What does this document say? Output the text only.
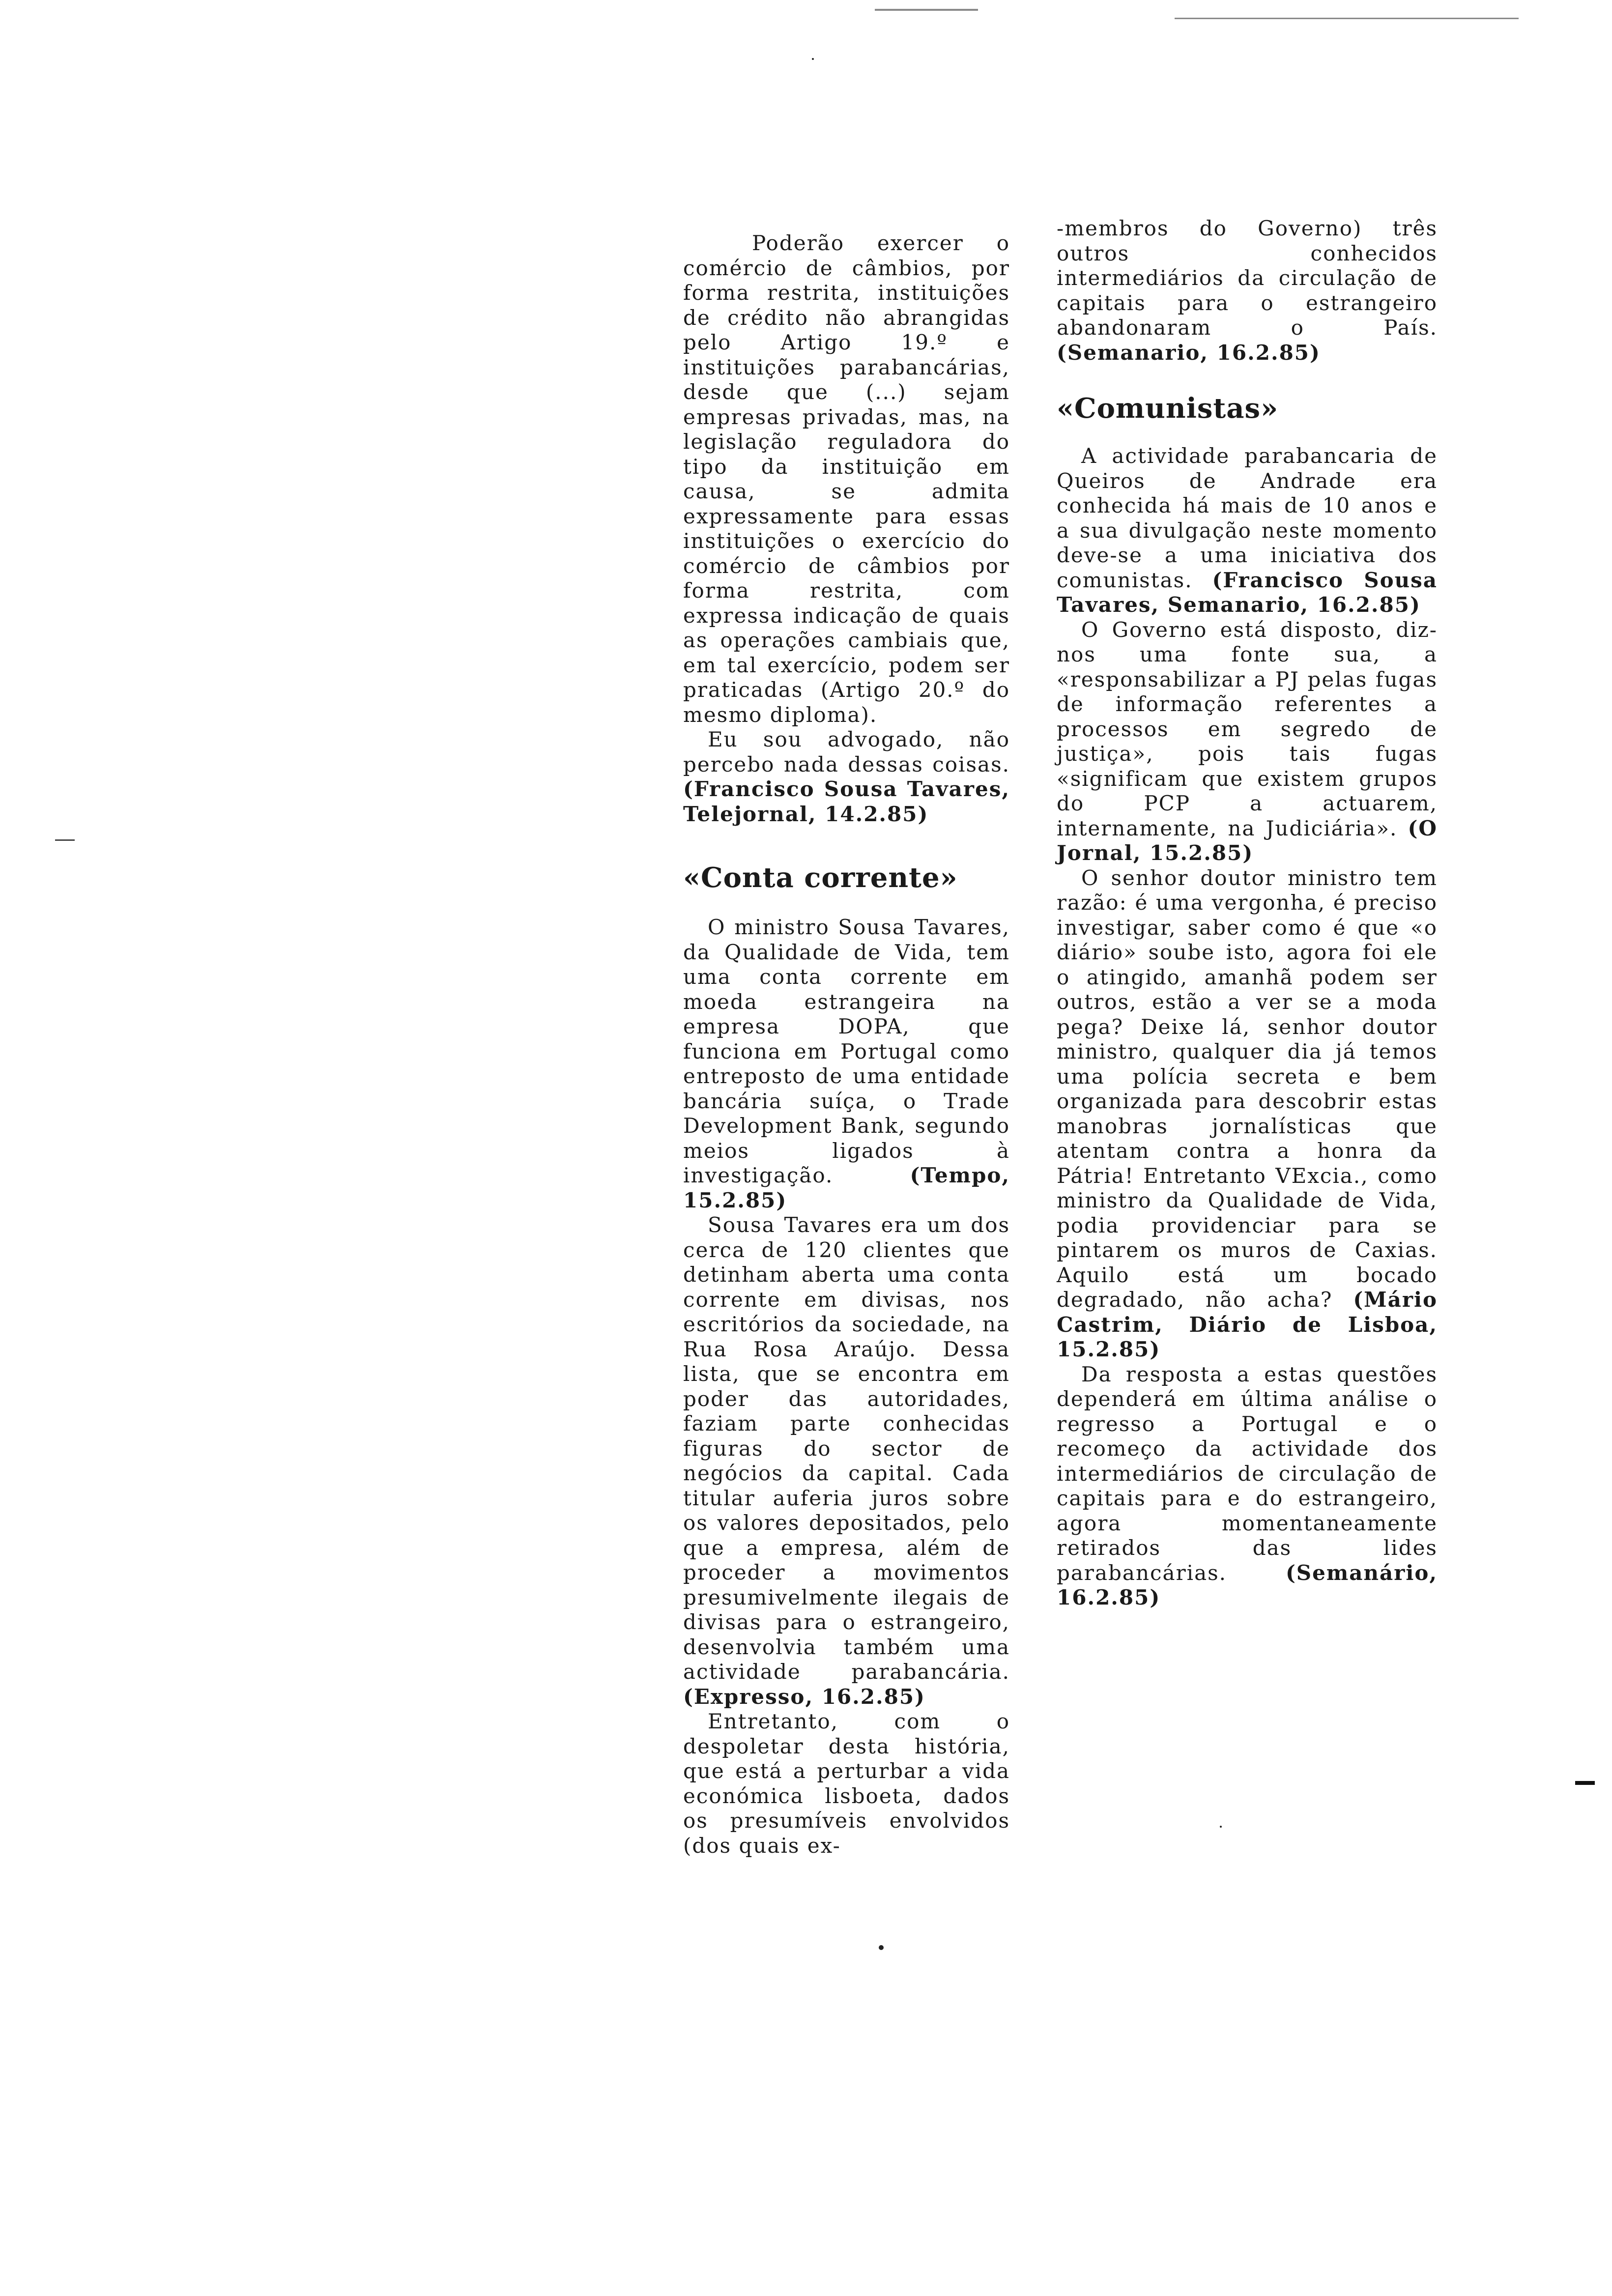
Poderão exercer o comércio de câmbios, por forma restrita, instituições de crédito não abrangidas pelo Artigo 19.º e instituições parabancárias, desde que (...) sejam empresas privadas, mas, na legislação reguladora do tipo da instituição em causa, se admita expressamente para essas instituições o exercício do comércio de câmbios por forma restrita, com expressa indicação de quais as operações cambiais que, em tal exercício, podem ser praticadas (Artigo 20.º do mesmo diploma).

Eu sou advogado, não percebo nada dessas coisas. (Francisco Sousa Tavares, Telejornal, 14.2.85)

«Conta corrente»

O ministro Sousa Tavares, da Qualidade de Vida, tem uma conta corrente em moeda estrangeira na empresa DOPA, que funciona em Portugal como entreposto de uma entidade bancária suíça, o Trade Development Bank, segundo meios ligados à investigação.	(Tempo, 15.2.85)

Sousa Tavares era um dos cerca de 120 clientes que detinham aberta uma conta corrente em divisas, nos escritórios da sociedade, na Rua Rosa Araújo. Dessa lista, que se encontra em poder das autoridades, faziam parte conhecidas figuras do sector de negócios da capital. Cada titular auferia juros sobre os valores depositados, pelo que a empresa, além de proceder a movimentos presumivelmente ilegais de divisas para o estrangeiro, desenvolvia também uma actividade parabancária. (Expresso, 16.2.85)

Entretanto, com o despoletar desta história, que está a perturbar a vida económica lisboeta, dados os presumíveis envolvidos (dos quais ex-

-membros do Governo) três outros conhecidos intermediários da circulação de capitais para o estrangeiro abandonaram o País. (Semanario, 16.2.85)

«Comunistas»

A actividade parabancaria de Queiros de Andrade era conhecida há mais de 10 anos e a sua divulgação neste momento deve-se a uma iniciativa dos comunistas. (Francisco Sousa Tavares, Semanario, 16.2.85)

O Governo está disposto, diz-nos uma fonte sua, a «responsabilizar a PJ pelas fugas de informação referentes a processos em segredo de justiça», pois tais fugas «significam que existem grupos do PCP a actuarem, internamente, na Judiciária». (O Jornal, 15.2.85)

O senhor doutor ministro tem razão: é uma vergonha, é preciso investigar, saber como é que «o diário» soube isto, agora foi ele o atingido, amanhã podem ser outros, estão a ver se a moda pega? Deixe lá, senhor doutor ministro, qualquer dia já temos uma polícia secreta e bem organizada para descobrir estas manobras jornalísticas que atentam contra a honra da Pátria! Entretanto VExcia., como ministro da Qualidade de Vida, podia providenciar para se pintarem os muros de Caxias. Aquilo está um bocado degradado, não acha? (Mário Castrim, Diário de Lisboa, 15.2.85)

Da resposta a estas questões dependerá em última análise o regresso a Portugal e o recomeço da actividade dos intermediários de circulação de capitais para e do estrangeiro, agora momentaneamente retirados das lides parabancárias.	(Semanário, 16.2.85)
